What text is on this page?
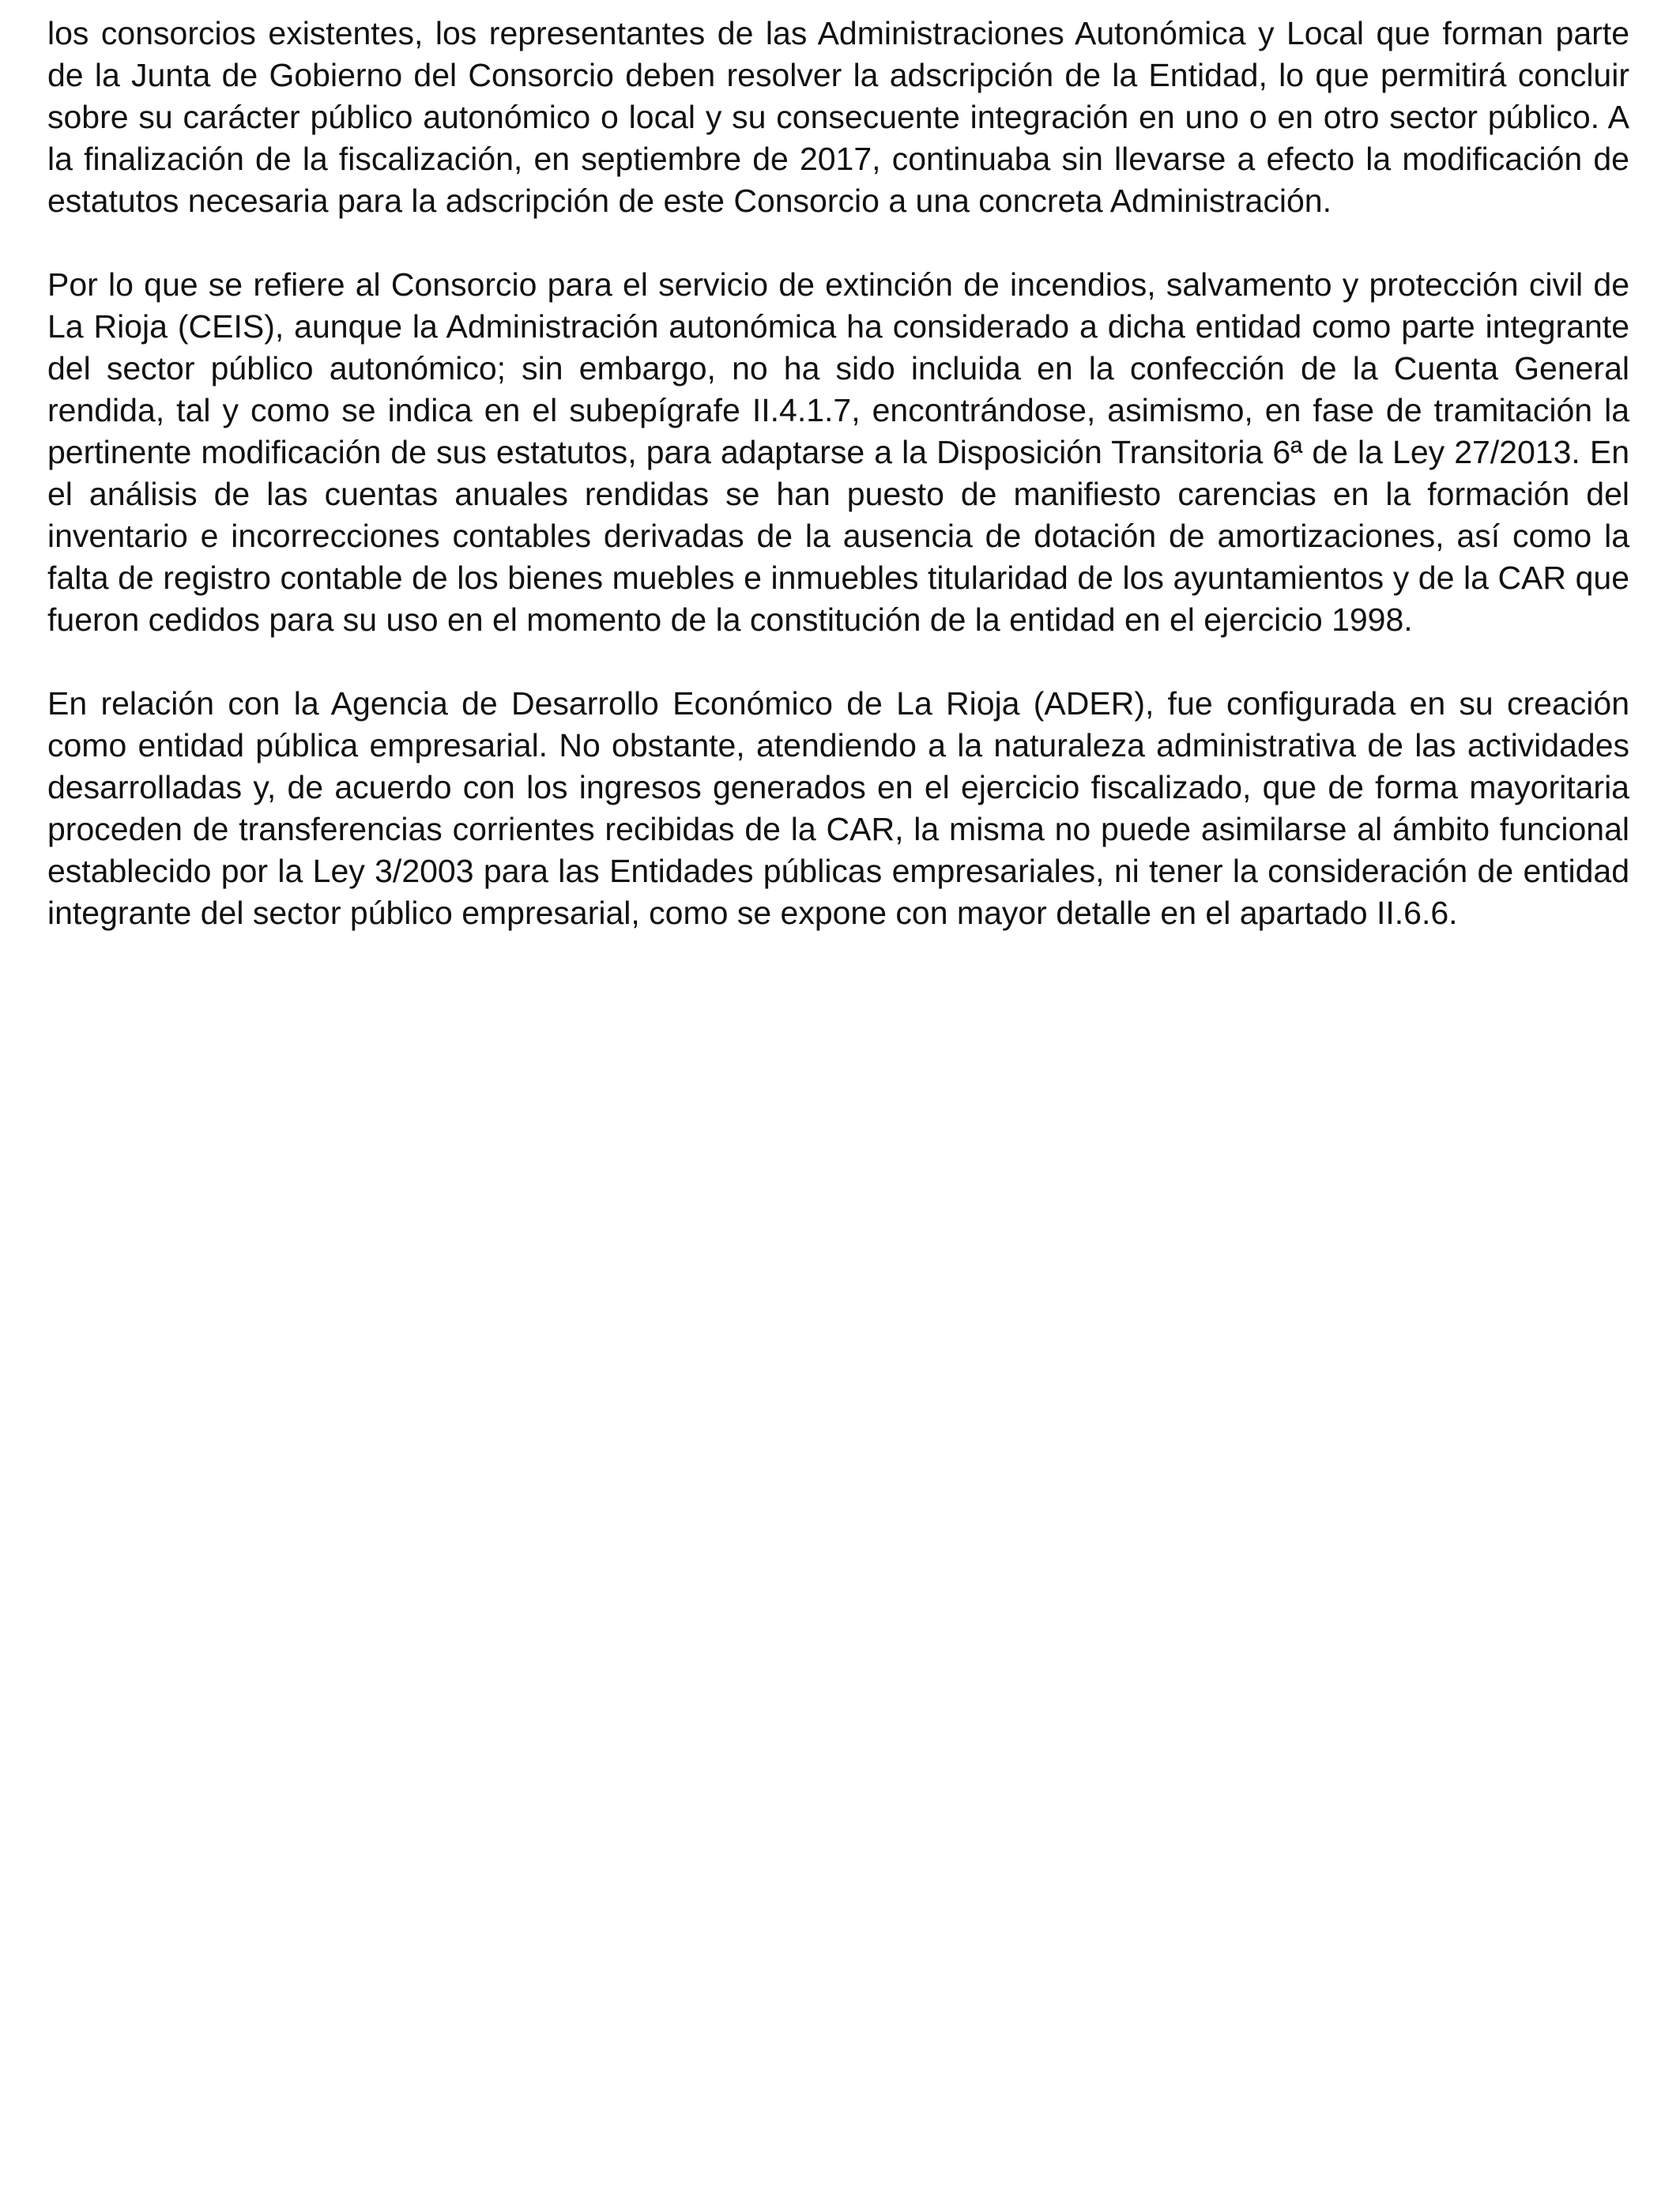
los consorcios existentes, los representantes de las Administraciones Autonómica y Local que forman parte de la Junta de Gobierno del Consorcio deben resolver la adscripción de la Entidad, lo que permitirá concluir sobre su carácter público autonómico o local y su consecuente integración en uno o en otro sector público. A la finalización de la fiscalización, en septiembre de 2017, continuaba sin llevarse a efecto la modificación de estatutos necesaria para la adscripción de este Consorcio a una concreta Administración.

Por lo que se refiere al Consorcio para el servicio de extinción de incendios, salvamento y protección civil de La Rioja (CEIS), aunque la Administración autonómica ha considerado a dicha entidad como parte integrante del sector público autonómico; sin embargo, no ha sido incluida en la confección de la Cuenta General rendida, tal y como se indica en el subepígrafe II.4.1.7, encontrándose, asimismo, en fase de tramitación la pertinente modificación de sus estatutos, para adaptarse a la Disposición Transitoria 6ª de la Ley 27/2013. En el análisis de las cuentas anuales rendidas se han puesto de manifiesto carencias en la formación del inventario e incorrecciones contables derivadas de la ausencia de dotación de amortizaciones, así como la falta de registro contable de los bienes muebles e inmuebles titularidad de los ayuntamientos y de la CAR que fueron cedidos para su uso en el momento de la constitución de la entidad en el ejercicio 1998.

En relación con la Agencia de Desarrollo Económico de La Rioja (ADER), fue configurada en su creación como entidad pública empresarial. No obstante, atendiendo a la naturaleza administrativa de las actividades desarrolladas y, de acuerdo con los ingresos generados en el ejercicio fiscalizado, que de forma mayoritaria proceden de transferencias corrientes recibidas de la CAR, la misma no puede asimilarse al ámbito funcional establecido por la Ley 3/2003 para las Entidades públicas empresariales, ni tener la consideración de entidad integrante del sector público empresarial, como se expone con mayor detalle en el apartado II.6.6.
